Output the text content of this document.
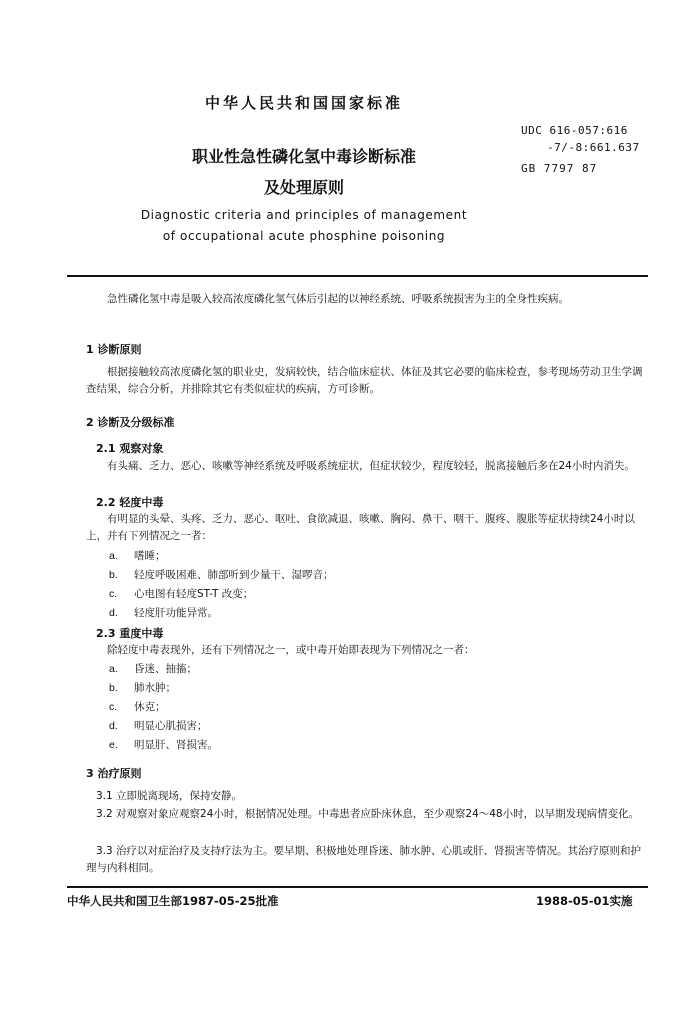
中华人民共和国国家标准
UDC 616-057:616
-7/-8:661.637
GB 7797 87
职业性急性磷化氢中毒诊断标准
及处理原则
Diagnostic criteria and principles of management
of occupational acute phosphine poisoning
急性磷化氢中毒是吸入较高浓度磷化氢气体后引起的以神经系统、呼吸系统损害为主的全身性疾病。
1 诊断原则
根据接触较高浓度磷化氢的职业史，发病较快，结合临床症状、体征及其它必要的临床检查，参考现场劳动卫生学调查结果，综合分析，并排除其它有类似症状的疾病，方可诊断。
2 诊断及分级标准
2.1 观察对象
有头痛、乏力、恶心、咳嗽等神经系统及呼吸系统症状，但症状较少，程度较轻，脱离接触后多在24小时内消失。
2.2 轻度中毒
有明显的头晕、头疼、乏力、恶心、呕吐、食欲减退、咳嗽、胸闷、鼻干、咽干、腹疼、腹胀等症状持续24小时以上，并有下列情况之一者：
a. 嗜睡；
b. 轻度呼吸困难、肺部听到少量干、湿啰音；
c. 心电图有轻度ST-T 改变；
d. 轻度肝功能异常。
2.3 重度中毒
除轻度中毒表现外，还有下列情况之一，或中毒开始即表现为下列情况之一者：
a. 昏迷、抽搐；
b. 肺水肿；
c. 休克；
d. 明显心肌损害；
e. 明显肝、肾损害。
3 治疗原则
3.1 立即脱离现场，保持安静。
3.2 对观察对象应观察24小时，根据情况处理。中毒患者应卧床休息，至少观察24～48小时，以早期发现病情变化。
3.3 治疗以对症治疗及支持疗法为主。要早期、积极地处理昏迷、肺水肿、心肌或肝、肾损害等情况。其治疗原则和护理与内科相同。
中华人民共和国卫生部1987-05-25批准	1988-05-01实施
